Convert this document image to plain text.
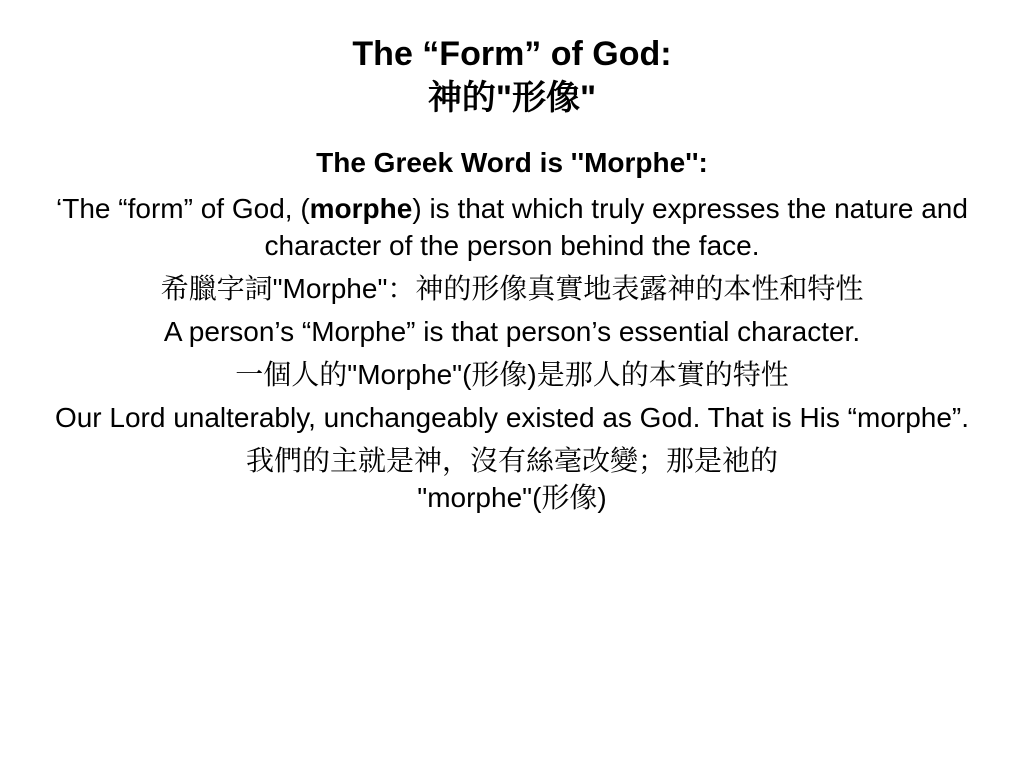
The “Form” of God:
神的"形像"
The Greek Word is ''Morphe'':
‘The “form” of God, (morphe) is that which truly expresses the nature and character of the person behind the face.
希臘字詞"Morphe"：神的形像真實地表露神的本性和特性
A person’s “Morphe” is that person’s essential character.
一個人的"Morphe"(形像)是那人的本實的特性
Our Lord unalterably, unchangeably existed as God. That is His “morphe”.
我們的主就是神，沒有絲毫改變；那是祂的
"morphe"(形像)
